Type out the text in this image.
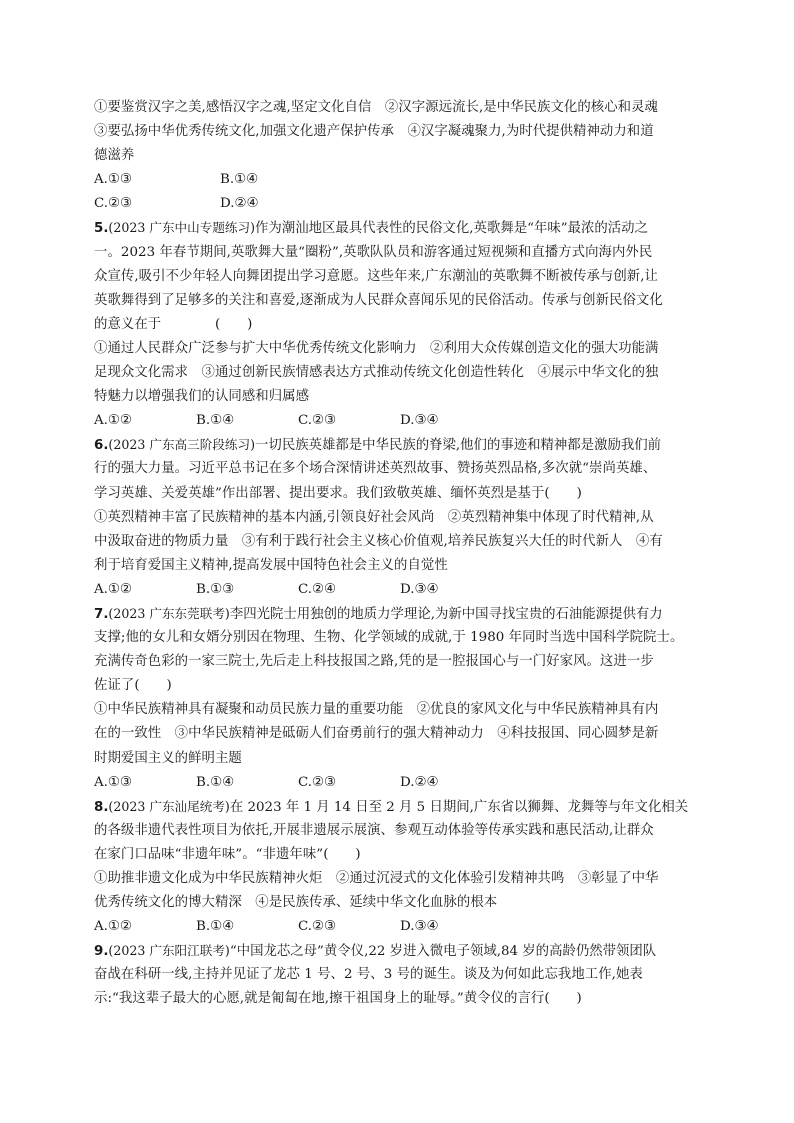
①要鉴赏汉字之美,感悟汉字之魂,坚定文化自信　②汉字源远流长,是中华民族文化的核心和灵魂
③要弘扬中华优秀传统文化,加强文化遗产保护传承　④汉字凝魂聚力,为时代提供精神动力和道
德滋养
A.①③	B.①④
C.②③	D.②④
5.(2023 广东中山专题练习)作为潮汕地区最具代表性的民俗文化,英歌舞是“年味”最浓的活动之
一。2023 年春节期间,英歌舞大量“圈粉”,英歌队队员和游客通过短视频和直播方式向海内外民
众宣传,吸引不少年轻人向舞团提出学习意愿。这些年来,广东潮汕的英歌舞不断被传承与创新,让
英歌舞得到了足够多的关注和喜爱,逐渐成为人民群众喜闻乐见的民俗活动。传承与创新民俗文化
的意义在于　　　　(　　)
①通过人民群众广泛参与扩大中华优秀传统文化影响力　②利用大众传媒创造文化的强大功能满
足现众文化需求　③通过创新民族情感表达方式推动传统文化创造性转化　④展示中华文化的独
特魅力以增强我们的认同感和归属感
A.①②	B.①④	C.②③	D.③④
6.(2023 广东高三阶段练习)一切民族英雄都是中华民族的脊梁,他们的事迹和精神都是激励我们前
行的强大力量。习近平总书记在多个场合深情讲述英烈故事、赞扬英烈品格,多次就“崇尚英雄、
学习英雄、关爱英雄”作出部署、提出要求。我们致敬英雄、缅怀英烈是基于(　　)
①英烈精神丰富了民族精神的基本内涵,引领良好社会风尚　②英烈精神集中体现了时代精神,从
中汲取奋进的物质力量　③有利于践行社会主义核心价值观,培养民族复兴大任的时代新人　④有
利于培育爱国主义精神,提高发展中国特色社会主义的自觉性
A.①②	B.①③	C.②④	D.③④
7.(2023 广东东莞联考)李四光院士用独创的地质力学理论,为新中国寻找宝贵的石油能源提供有力
支撑;他的女儿和女婿分别因在物理、生物、化学领域的成就,于 1980 年同时当选中国科学院院士。
充满传奇色彩的一家三院士,先后走上科技报国之路,凭的是一腔报国心与一门好家风。这进一步
佐证了(　　)
①中华民族精神具有凝聚和动员民族力量的重要功能　②优良的家风文化与中华民族精神具有内
在的一致性　③中华民族精神是砥砺人们奋勇前行的强大精神动力　④科技报国、同心圆梦是新
时期爱国主义的鲜明主题
A.①③	B.①④	C.②③	D.②④
8.(2023 广东汕尾统考)在 2023 年 1 月 14 日至 2 月 5 日期间,广东省以狮舞、龙舞等与年文化相关
的各级非遗代表性项目为依托,开展非遗展示展演、参观互动体验等传承实践和惠民活动,让群众
在家门口品味“非遗年味”。“非遗年味”(　　)
①助推非遗文化成为中华民族精神火炬　②通过沉浸式的文化体验引发精神共鸣　③彰显了中华
优秀传统文化的博大精深　④是民族传承、延续中华文化血脉的根本
A.①②	B.①④	C.②③	D.③④
9.(2023 广东阳江联考)“中国龙芯之母”黄令仪,22 岁进入微电子领域,84 岁的高龄仍然带领团队
奋战在科研一线,主持并见证了龙芯 1 号、2 号、3 号的诞生。谈及为何如此忘我地工作,她表
示:“我这辈子最大的心愿,就是匍匐在地,擦干祖国身上的耻辱。”黄令仪的言行(　　)
